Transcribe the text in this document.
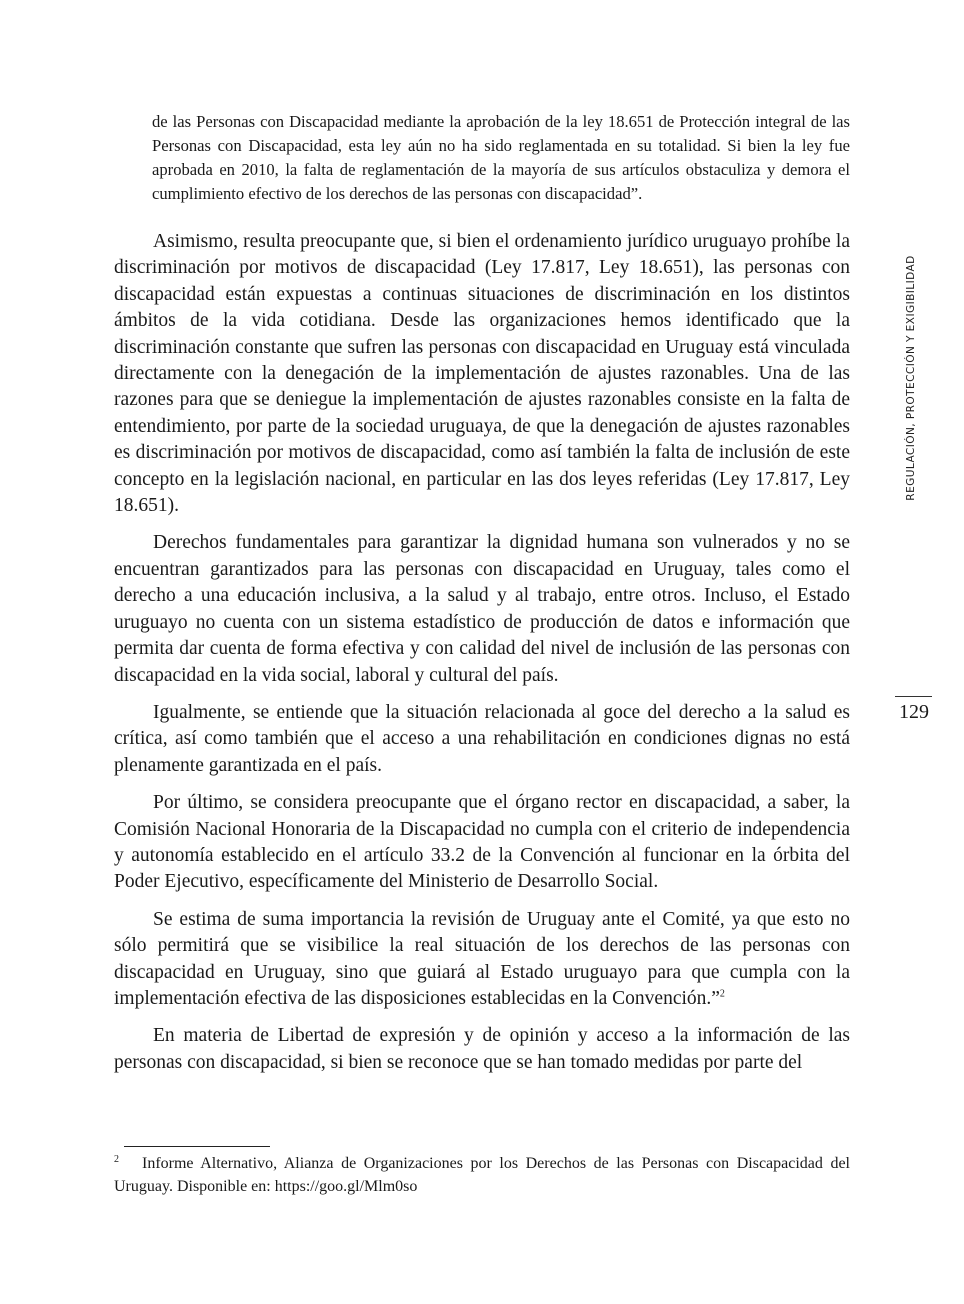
de las Personas con Discapacidad mediante la aprobación de la ley 18.651 de Protección integral de las Personas con Discapacidad, esta ley aún no ha sido reglamentada en su totalidad. Si bien la ley fue aprobada en 2010, la falta de reglamentación de la mayoría de sus artículos obstaculiza y demora el cumplimiento efectivo de los derechos de las personas con discapacidad”.

Asimismo, resulta preocupante que, si bien el ordenamiento jurídico uruguayo prohíbe la discriminación por motivos de discapacidad (Ley 17.817, Ley 18.651), las personas con discapacidad están expuestas a continuas situaciones de discriminación en los distintos ámbitos de la vida cotidiana. Desde las organizaciones hemos identificado que la discriminación constante que sufren las personas con discapacidad en Uruguay está vinculada directamente con la denegación de la implementación de ajustes razonables. Una de las razones para que se deniegue la implementación de ajustes razonables consiste en la falta de entendimiento, por parte de la sociedad uruguaya, de que la denegación de ajustes razonables es discriminación por motivos de discapacidad, como así también la falta de inclusión de este concepto en la legislación nacional, en particular en las dos leyes referidas (Ley 17.817, Ley 18.651).

Derechos fundamentales para garantizar la dignidad humana son vulnerados y no se encuentran garantizados para las personas con discapacidad en Uruguay, tales como el derecho a una educación inclusiva, a la salud y al trabajo, entre otros. Incluso, el Estado uruguayo no cuenta con un sistema estadístico de producción de datos e información que permita dar cuenta de forma efectiva y con calidad del nivel de inclusión de las personas con discapacidad en la vida social, laboral y cultural del país.

Igualmente, se entiende que la situación relacionada al goce del derecho a la salud es crítica, así como también que el acceso a una rehabilitación en condiciones dignas no está plenamente garantizada en el país.

Por último, se considera preocupante que el órgano rector en discapacidad, a saber, la Comisión Nacional Honoraria de la Discapacidad no cumpla con el criterio de independencia y autonomía establecido en el artículo 33.2 de la Convención al funcionar en la órbita del Poder Ejecutivo, específicamente del Ministerio de Desarrollo Social.

Se estima de suma importancia la revisión de Uruguay ante el Comité, ya que esto no sólo permitirá que se visibilice la real situación de los derechos de las personas con discapacidad en Uruguay, sino que guiará al Estado uruguayo para que cumpla con la implementación efectiva de las disposiciones establecidas en la Convención.”$^2$

En materia de Libertad de expresión y de opinión y acceso a la información de las personas con discapacidad, si bien se reconoce que se han tomado medidas por parte del

REGULACIÓN, PROTECCIÓN Y EXIGIBILIDAD
129
2 Informe Alternativo, Alianza de Organizaciones por los Derechos de las Personas con Discapacidad del Uruguay. Disponible en: https://goo.gl/Mlm0so
